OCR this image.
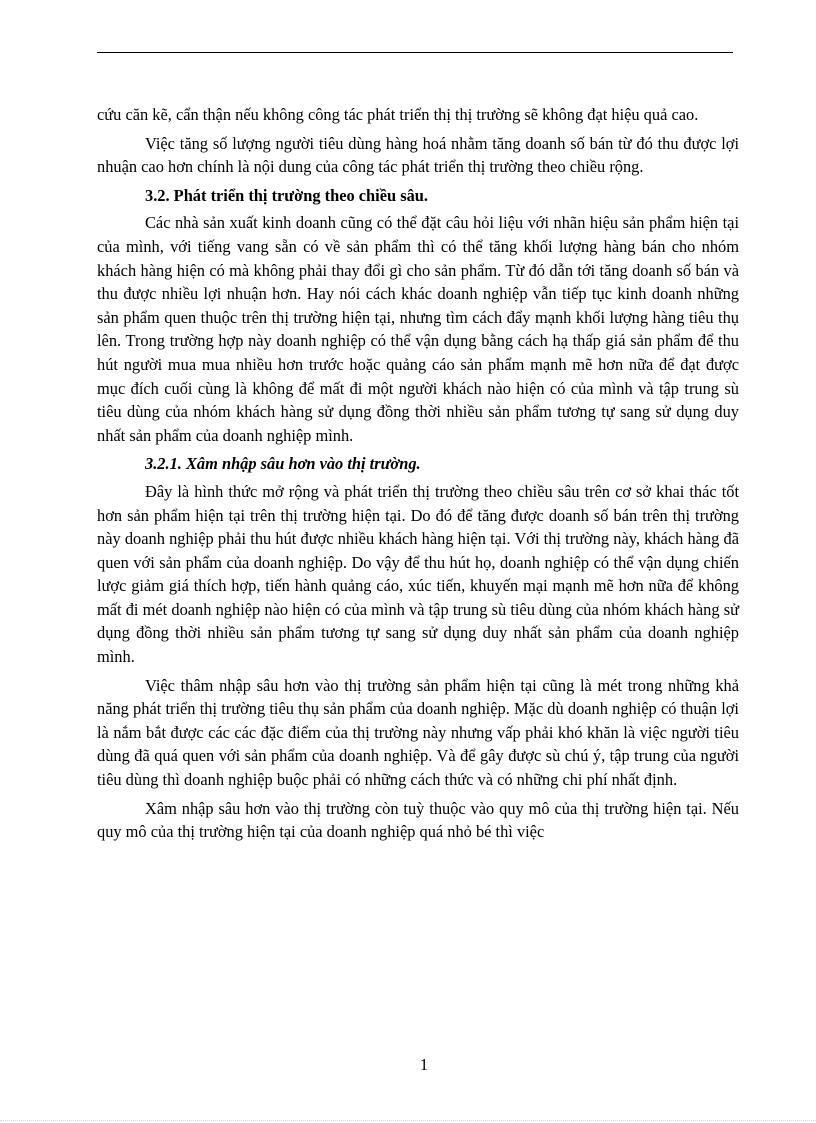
cứu căn kẽ, cẩn thận nếu không công tác phát triển thị thị trường sẽ không đạt hiệu quả cao.

Việc tăng số lượng người tiêu dùng hàng hoá nhằm tăng doanh số bán từ đó thu được lợi nhuận cao hơn chính là nội dung của công tác phát triển thị trường theo chiều rộng.

3.2. Phát triển thị trường theo chiều sâu.

Các nhà sản xuất kinh doanh cũng có thể đặt câu hỏi liệu với nhãn hiệu sản phẩm hiện tại của mình, với tiếng vang sẵn có về sản phẩm thì có thể tăng khối lượng hàng bán cho nhóm khách hàng hiện có mà không phải thay đổi gì cho sản phẩm. Từ đó dẫn tới tăng doanh số bán và thu được nhiều lợi nhuận hơn. Hay nói cách khác doanh nghiệp vẫn tiếp tục kinh doanh những sản phẩm quen thuộc trên thị trường hiện tại, nhưng tìm cách đẩy mạnh khối lượng hàng tiêu thụ lên. Trong trường hợp này doanh nghiệp có thể vận dụng bằng cách hạ thấp giá sản phẩm để thu hút người mua mua nhiều hơn trước hoặc quảng cáo sản phẩm mạnh mẽ hơn nữa để đạt được mục đích cuối cùng là không để mất đi một người khách nào hiện có của mình và tập trung sù tiêu dùng của nhóm khách hàng sử dụng đồng thời nhiều sản phẩm tương tự sang sử dụng duy nhất sản phẩm của doanh nghiệp mình.

3.2.1. Xâm nhập sâu hơn vào thị trường.

Đây là hình thức mở rộng và phát triển thị trường theo chiều sâu trên cơ sở khai thác tốt hơn sản phẩm hiện tại trên thị trường hiện tại. Do đó để tăng được doanh số bán trên thị trường này doanh nghiệp phải thu hút được nhiều khách hàng hiện tại. Với thị trường này, khách hàng đã quen với sản phẩm của doanh nghiệp. Do vậy để thu hút họ, doanh nghiệp có thể vận dụng chiến lược giảm giá thích hợp, tiến hành quảng cáo, xúc tiến, khuyến mại mạnh mẽ hơn nữa để không mất đi mét doanh nghiệp nào hiện có của mình và tập trung sù tiêu dùng của nhóm khách hàng sử dụng đồng thời nhiều sản phẩm tương tự sang sử dụng duy nhất sản phẩm của doanh nghiệp mình.

Việc thâm nhập sâu hơn vào thị trường sản phẩm hiện tại cũng là mét trong những khả năng phát triển thị trường tiêu thụ sản phẩm của doanh nghiệp. Mặc dù doanh nghiệp có thuận lợi là nắm bắt được các các đặc điểm của thị trường này nhưng vấp phải khó khăn là việc người tiêu dùng đã quá quen với sản phẩm của doanh nghiệp. Và để gây được sù chú ý, tập trung của người tiêu dùng thì doanh nghiệp buộc phải có những cách thức và có những chi phí nhất định.

Xâm nhập sâu hơn vào thị trường còn tuỳ thuộc vào quy mô của thị trường hiện tại. Nếu quy mô của thị trường hiện tại của doanh nghiệp quá nhỏ bé thì việc

1
